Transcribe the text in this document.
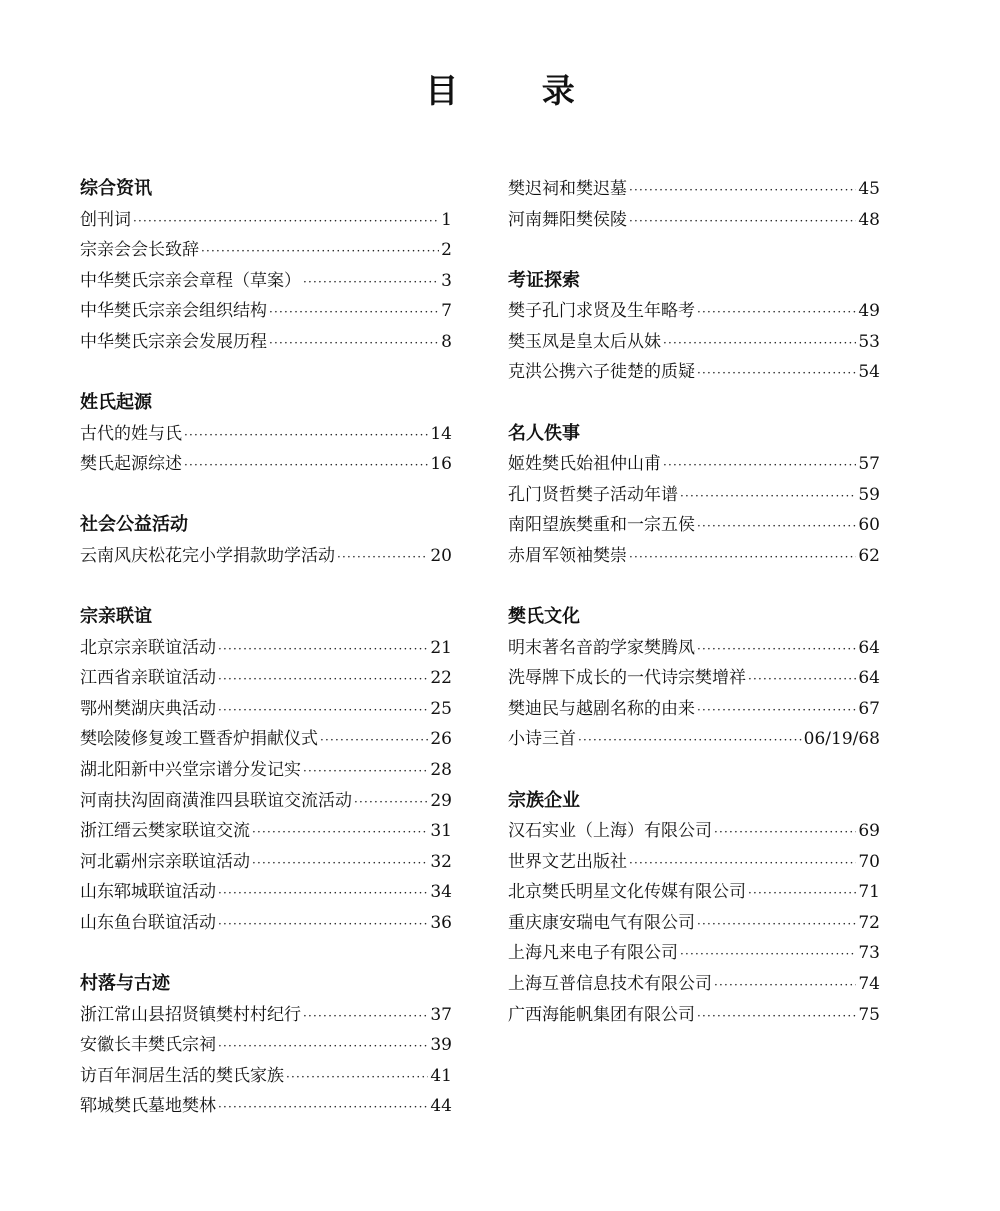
目 录
综合资讯
创刊词 ·····	1
宗亲会会长致辞 ·····	2
中华樊氏宗亲会章程（草案） ·····	3
中华樊氏宗亲会组织结构 ·····	7
中华樊氏宗亲会发展历程 ·····	8
姓氏起源
古代的姓与氏 ·····	14
樊氏起源综述 ·····	16
社会公益活动
云南风庆松花完小学捐款助学活动 ·····	20
宗亲联谊
北京宗亲联谊活动 ·····	21
江西省亲联谊活动 ·····	22
鄂州樊湖庆典活动 ·····	25
樊哙陵修复竣工暨香炉捐献仪式 ·····	26
湖北阳新中兴堂宗谱分发记实 ·····	28
河南扶沟固商潢淮四县联谊交流活动 ·····	29
浙江缙云樊家联谊交流 ·····	31
河北霸州宗亲联谊活动 ·····	32
山东郓城联谊活动 ·····	34
山东鱼台联谊活动 ·····	36
村落与古迹
浙江常山县招贤镇樊村村纪行 ·····	37
安徽长丰樊氏宗祠 ·····	39
访百年洞居生活的樊氏家族 ·····	41
郓城樊氏墓地樊林 ·····	44
樊迟祠和樊迟墓 ·····	45
河南舞阳樊侯陵 ·····	48
考证探索
樊子孔门求贤及生年略考 ·····	49
樊玉凤是皇太后从妹 ·····	53
克洪公携六子徙楚的质疑 ·····	54
名人佚事
姬姓樊氏始祖仲山甫 ·····	57
孔门贤哲樊子活动年谱 ·····	59
南阳望族樊重和一宗五侯 ·····	60
赤眉军领袖樊崇 ·····	62
樊氏文化
明末著名音韵学家樊腾凤 ·····	64
洗辱牌下成长的一代诗宗樊增祥 ·····	64
樊迪民与越剧名称的由来 ·····	67
小诗三首 ·····	06/19/68
宗族企业
汉石实业（上海）有限公司 ·····	69
世界文艺出版社 ·····	70
北京樊氏明星文化传媒有限公司 ·····	71
重庆康安瑞电气有限公司 ·····	72
上海凡来电子有限公司 ·····	73
上海互普信息技术有限公司 ·····	74
广西海能帆集团有限公司 ·····	75
